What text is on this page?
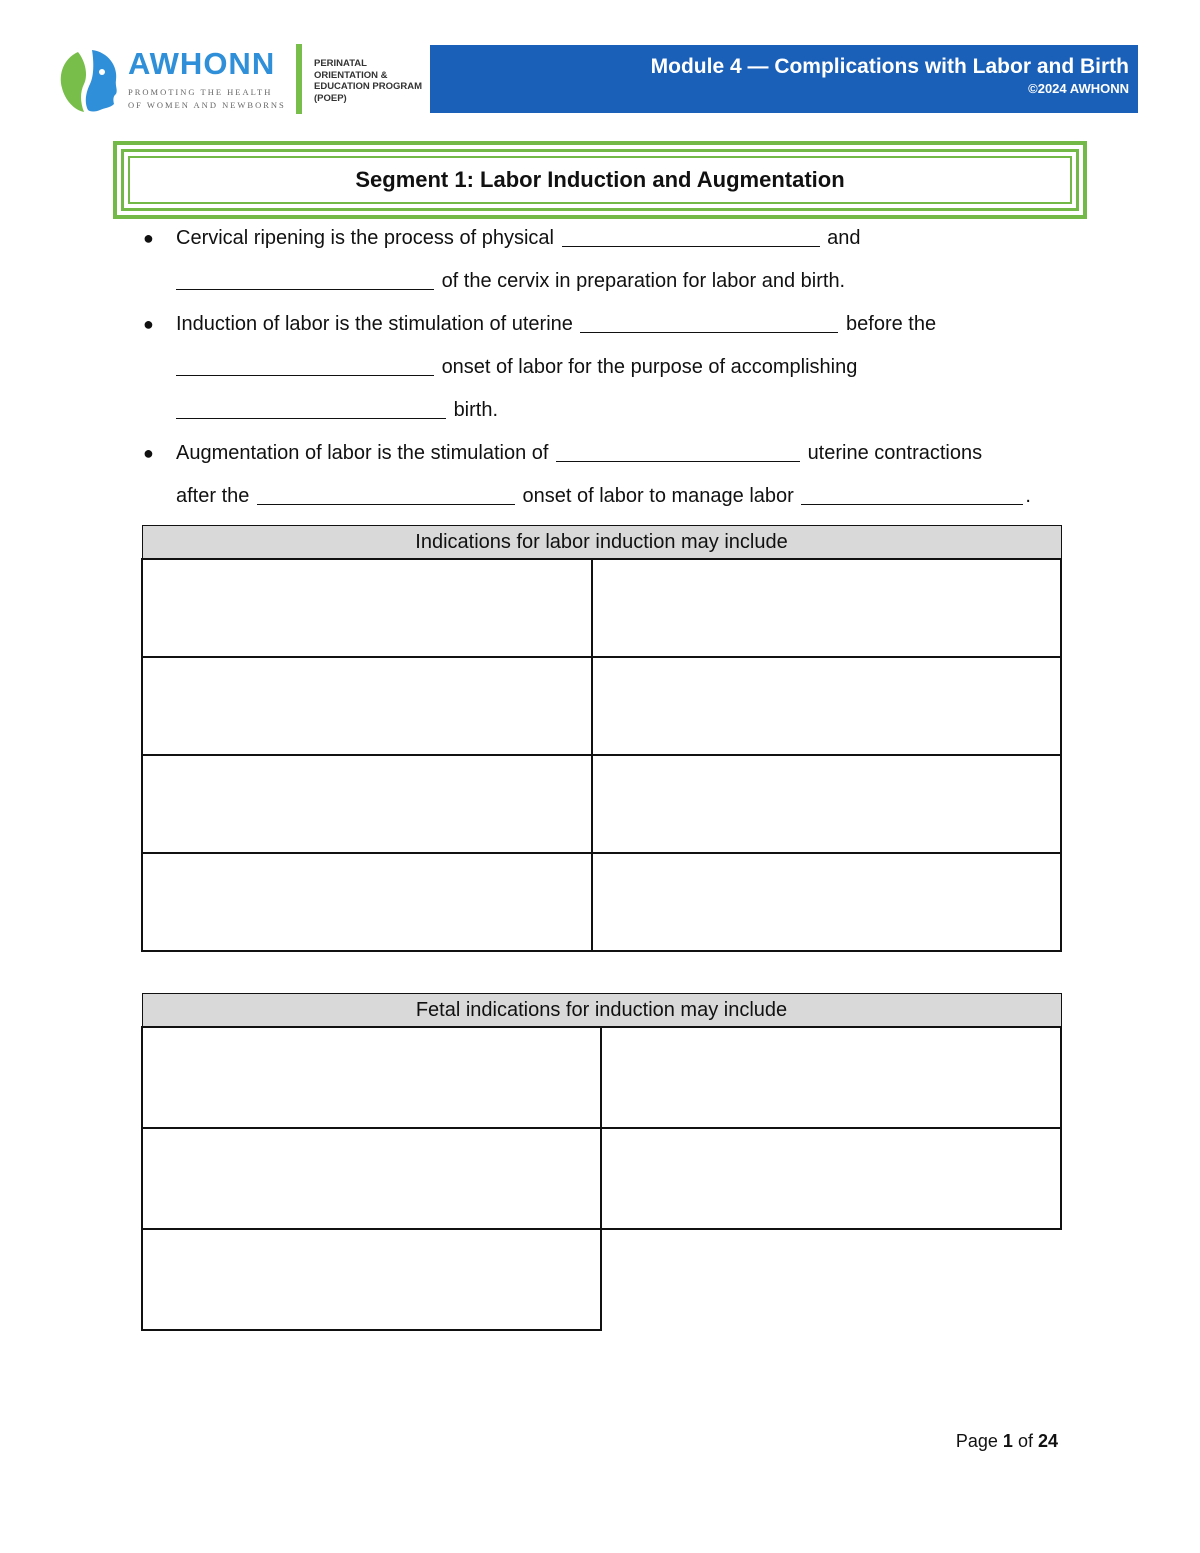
AWHONN
PROMOTING THE HEALTH OF WOMEN AND NEWBORNS
PERINATAL ORIENTATION & EDUCATION PROGRAM (POEP)
Module 4 — Complications with Labor and Birth
©2024 AWHONN
Segment 1: Labor Induction and Augmentation
● Cervical ripening is the process of physical	and
of the cervix in preparation for labor and birth.
● Induction of labor is the stimulation of uterine	before the
onset of labor for the purpose of accomplishing
birth.
● Augmentation of labor is the stimulation of	uterine contractions
after the	onset of labor to manage labor	.
Indications for labor induction may include	

Fetal indications for induction may include	

Page 1 of 24
